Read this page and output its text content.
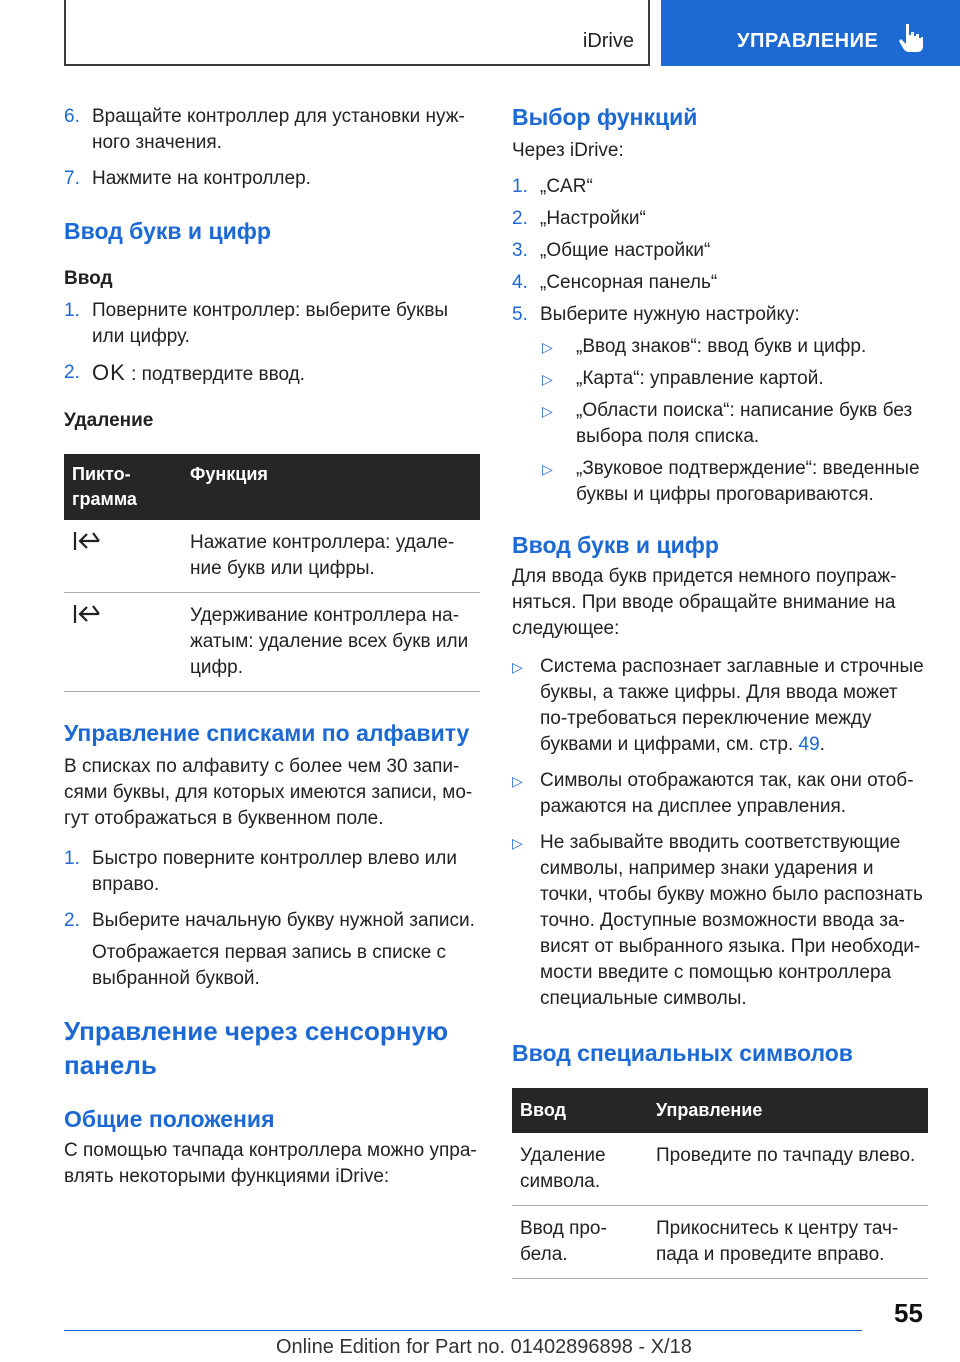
iDrive	УПРАВЛЕНИЕ
6. Вращайте контроллер для установки нуж-ного значения.
7. Нажмите на контроллер.
Ввод букв и цифр
Ввод
1. Поверните контроллер: выберите буквы или цифру.
2. OK : подтвердите ввод.
Удаление
Пикто-грамма	Функция
	Нажатие контроллера: удале-ние букв или цифры.
	Удерживание контроллера на-жатым: удаление всех букв или цифр.
Управление списками по алфавиту
В списках по алфавиту с более чем 30 запи-сями буквы, для которых имеются записи, мо-гут отображаться в буквенном поле.
1. Быстро поверните контроллер влево или вправо.
2. Выберите начальную букву нужной записи.
Отображается первая запись в списке с выбранной буквой.
Управление через сенсорную панель
Общие положения
С помощью тачпада контроллера можно упра-влять некоторыми функциями iDrive:
Выбор функций
Через iDrive:
1. „CAR“
2. „Настройки“
3. „Общие настройки“
4. „Сенсорная панель“
5. Выберите нужную настройку:
▷ „Ввод знаков“: ввод букв и цифр.
▷ „Карта“: управление картой.
▷ „Области поиска“: написание букв без выбора поля списка.
▷ „Звуковое подтверждение“: введенные буквы и цифры проговариваются.
Ввод букв и цифр
Для ввода букв придется немного поупраж-няться. При вводе обращайте внимание на следующее:
▷ Система распознает заглавные и строчные буквы, а также цифры. Для ввода может по-требоваться переключение между буквами и цифрами, см. стр. 49.
▷ Символы отображаются так, как они отоб-ражаются на дисплее управления.
▷ Не забывайте вводить соответствующие символы, например знаки ударения и точки, чтобы букву можно было распознать точно. Доступные возможности ввода за-висят от выбранного языка. При необходи-мости введите с помощью контроллера специальные символы.
Ввод специальных символов
Ввод	Управление
Удаление символа.	Проведите по тачпаду влево.
Ввод про-бела.	Прикоснитесь к центру тач-пада и проведите вправо.
55
Online Edition for Part no. 01402896898 - X/18
